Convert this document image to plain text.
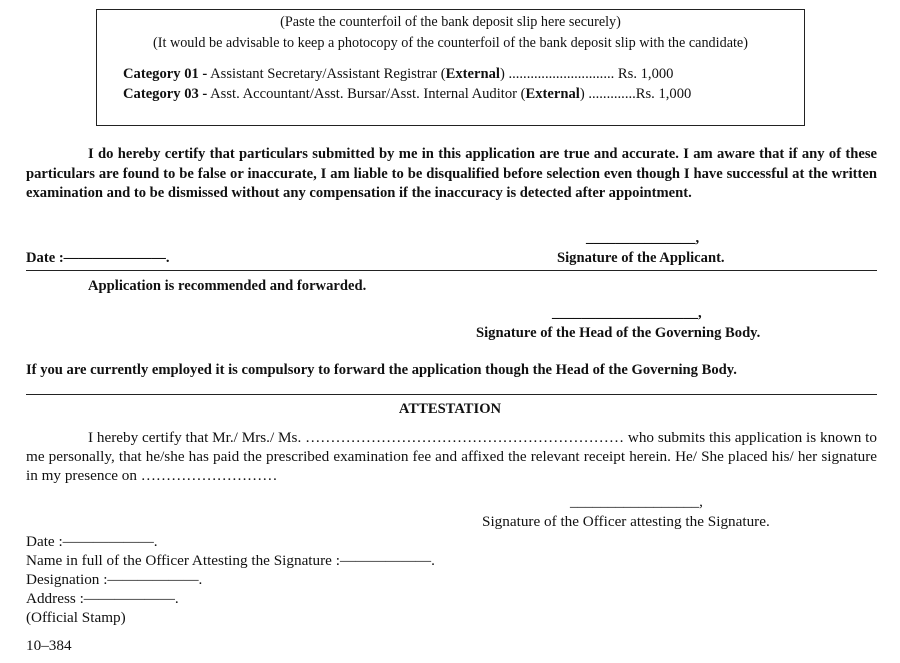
(Paste the counterfoil of the bank deposit slip here securely)
(It would be advisable to keep a photocopy of the counterfoil of the bank deposit slip with the candidate)
Category 01 - Assistant Secretary/Assistant Registrar (External) ............................. Rs. 1,000
Category 03 - Asst. Accountant/Asst. Bursar/Asst. Internal Auditor (External) .............Rs. 1,000
I do hereby certify that particulars submitted by me in this application are true and accurate. I am aware that if any of these particulars are found to be false or inaccurate, I am liable to be disqualified before selection even though I have successful at the written examination and to be dismissed without any compensation if the inaccuracy is detected after appointment.
_______________,
Date :———————.	Signature of the Applicant.
Application is recommended and forwarded.
____________________,
Signature of the Head of the Governing Body.
If you are currently employed it is compulsory to forward the application though the Head of the Governing Body.
ATTESTATION
I hereby certify that Mr./ Mrs./ Ms. ……………………………………………………… who submits this application is known to me personally, that he/she has paid the prescribed examination fee and affixed the relevant receipt herein. He/ She placed his/ her signature in my presence on ………………………
_________________,
Signature of the Officer attesting the Signature.
Date :——————.
Name in full of the Officer Attesting the Signature :——————.
Designation :——————.
Address :——————.
(Official Stamp)
10–384
